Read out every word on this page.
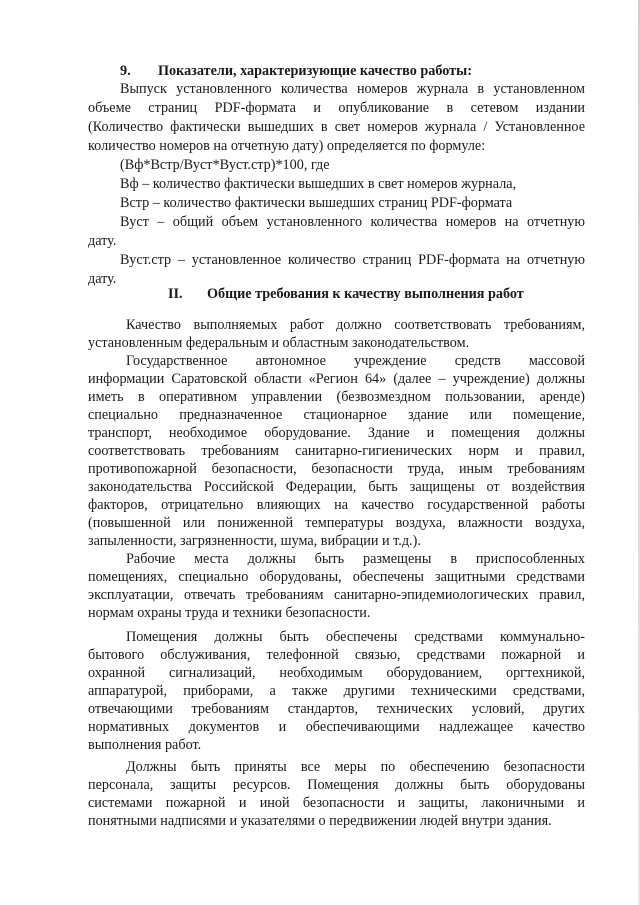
9.	Показатели, характеризующие качество работы:
Выпуск установленного количества номеров журнала в установленном
объеме страниц PDF-формата и опубликование в сетевом издании
(Количество фактически вышедших в свет номеров журнала / Установленное
количество номеров на отчетную дату) определяется по формуле:
(Вф*Встр/Вуст*Вуст.стр)*100, где
Вф – количество фактически вышедших в свет номеров журнала,
Встр – количество фактически вышедших страниц PDF-формата
Вуст – общий объем установленного количества номеров на отчетную
дату.
Вуст.стр – установленное количество страниц PDF-формата на отчетную
дату.
II.	Общие требования к качеству выполнения работ
Качество выполняемых работ должно соответствовать требованиям,
установленным федеральным и областным законодательством.
Государственное автономное учреждение средств массовой
информации Саратовской области «Регион 64» (далее – учреждение) должны
иметь в оперативном управлении (безвозмездном пользовании, аренде)
специально предназначенное стационарное здание или помещение,
транспорт, необходимое оборудование. Здание и помещения должны
соответствовать требованиям санитарно-гигиенических норм и правил,
противопожарной безопасности, безопасности труда, иным требованиям
законодательства Российской Федерации, быть защищены от воздействия
факторов, отрицательно влияющих на качество государственной работы
(повышенной или пониженной температуры воздуха, влажности воздуха,
запыленности, загрязненности, шума, вибрации и т.д.).
Рабочие места должны быть размещены в приспособленных
помещениях, специально оборудованы, обеспечены защитными средствами
эксплуатации, отвечать требованиям санитарно-эпидемиологических правил,
нормам охраны труда и техники безопасности.
Помещения должны быть обеспечены средствами коммунально-
бытового обслуживания, телефонной связью, средствами пожарной и
охранной сигнализаций, необходимым оборудованием, оргтехникой,
аппаратурой, приборами, а также другими техническими средствами,
отвечающими требованиям стандартов, технических условий, других
нормативных документов и обеспечивающими надлежащее качество
выполнения работ.
Должны быть приняты все меры по обеспечению безопасности
персонала, защиты ресурсов. Помещения должны быть оборудованы
системами пожарной и иной безопасности и защиты, лаконичными и
понятными надписями и указателями о передвижении людей внутри здания.
